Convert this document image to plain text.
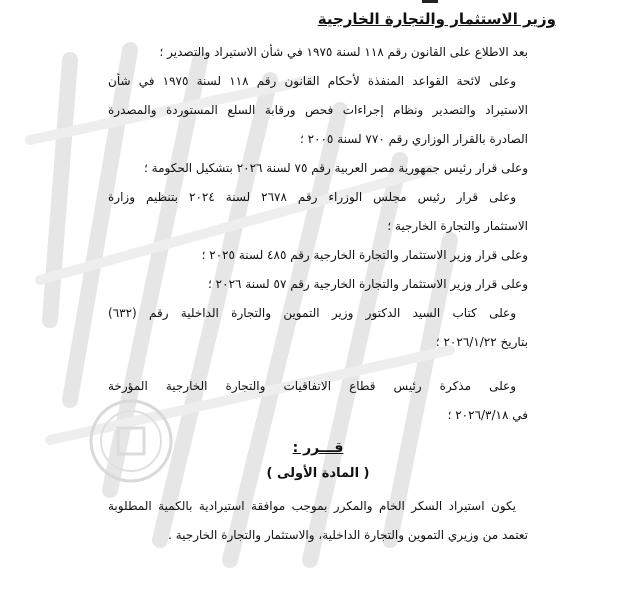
وزير الاستثمار والتجارة الخارجية
بعد الاطلاع على القانون رقم ١١٨ لسنة ١٩٧٥ في شأن الاستيراد والتصدير ؛
وعلى لائحة القواعد المنفذة لأحكام القانون رقم ١١٨ لسنة ١٩٧٥ في شأن
الاستيراد والتصدير ونظام إجراءات فحص ورقابة السلع المستوردة والمصدرة
الصادرة بالقرار الوزاري رقم ٧٧٠ لسنة ٢٠٠٥ ؛
وعلى قرار رئيس جمهورية مصر العربية رقم ٧٥ لسنة ٢٠٢٦ بتشكيل الحكومة ؛
وعلى قرار رئيس مجلس الوزراء رقم ٢٦٧٨ لسنة ٢٠٢٤ بتنظيم وزارة
الاستثمار والتجارة الخارجية ؛
وعلى قرار وزير الاستثمار والتجارة الخارجية رقم ٤٨٥ لسنة ٢٠٢٥ ؛
وعلى قرار وزير الاستثمار والتجارة الخارجية رقم ٥٧ لسنة ٢٠٢٦ ؛
وعلى كتاب السيد الدكتور وزير التموين والتجارة الداخلية رقم (٦٣٢)
بتاريخ ٢٠٢٦/١/٢٢ ؛
وعلى مذكرة رئيس قطاع الاتفاقيات والتجارة الخارجية المؤرخة
في ٢٠٢٦/٣/١٨ ؛
قـــرر :
( المادة الأولى )
يكون استيراد السكر الخام والمكرر بموجب موافقة استيرادية بالكمية المطلوبة
تعتمد من وزيري التموين والتجارة الداخلية، والاستثمار والتجارة الخارجية .
